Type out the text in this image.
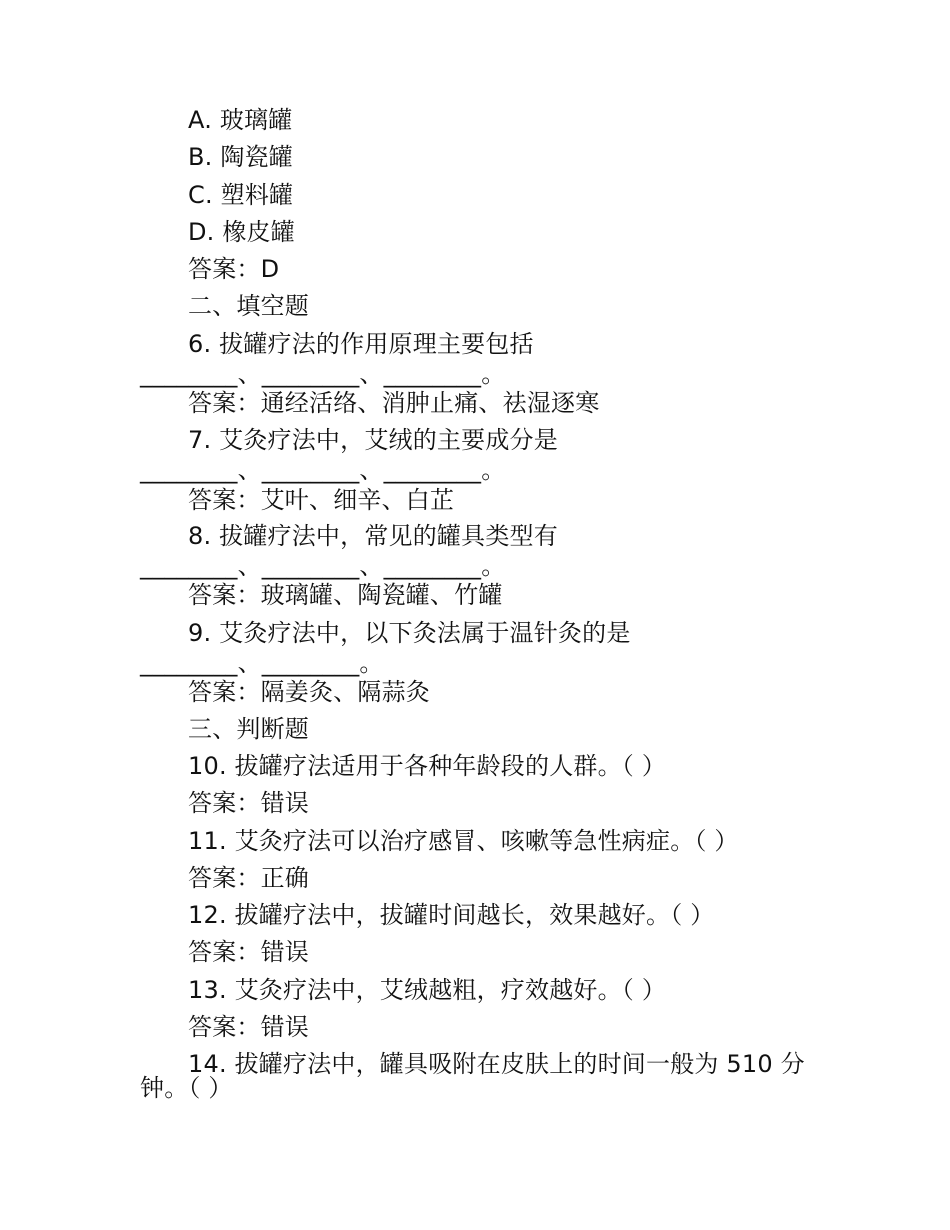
A. 玻璃罐
B. 陶瓷罐
C. 塑料罐
D. 橡皮罐
答案：D
二、填空题
6. 拔罐疗法的作用原理主要包括
________、________、________。
答案：通经活络、消肿止痛、祛湿逐寒
7. 艾灸疗法中，艾绒的主要成分是
________、________、________。
答案：艾叶、细辛、白芷
8. 拔罐疗法中，常见的罐具类型有
________、________、________。
答案：玻璃罐、陶瓷罐、竹罐
9. 艾灸疗法中，以下灸法属于温针灸的是
________、________。
答案：隔姜灸、隔蒜灸
三、判断题
10. 拔罐疗法适用于各种年龄段的人群。（ ）
答案：错误
11. 艾灸疗法可以治疗感冒、咳嗽等急性病症。（ ）
答案：正确
12. 拔罐疗法中，拔罐时间越长，效果越好。（ ）
答案：错误
13. 艾灸疗法中，艾绒越粗，疗效越好。（ ）
答案：错误
14. 拔罐疗法中，罐具吸附在皮肤上的时间一般为 510 分
钟。（ ）
